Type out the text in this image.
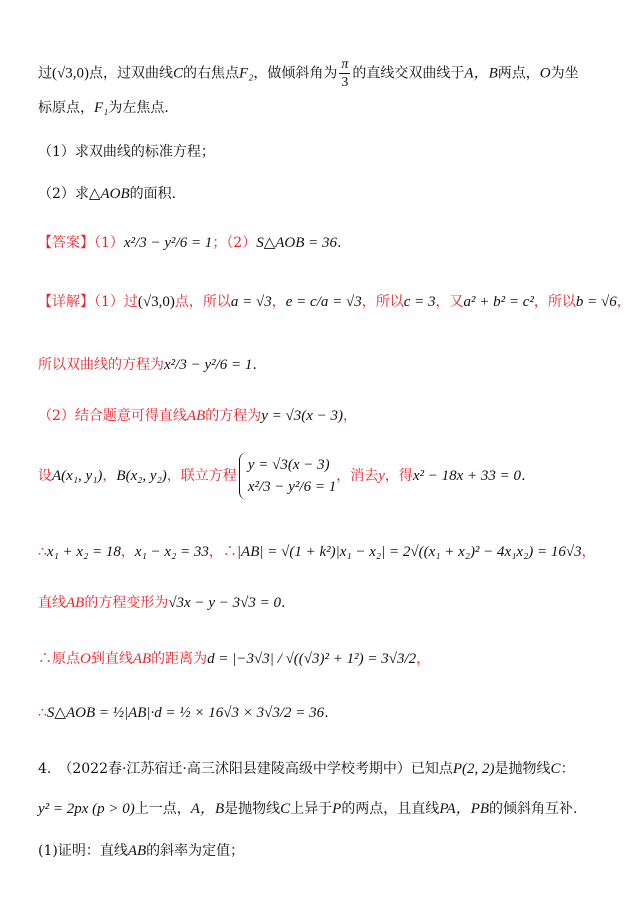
过(√3,0)点，过双曲线C的右焦点F₂，做倾斜角为 $\frac{\pi}{3}$ 的直线交双曲线于A，B两点，O为坐
标原点，F₁为左焦点.
（1）求双曲线的标准方程；
（2）求△AOB的面积.
【答案】（1）x²/3 − y²/6 = 1；（2）S△AOB = 36.
【详解】（1）过(√3,0)点，所以a = √3，e = c/a = √3，所以c = 3，又a² + b² = c²，所以b = √6，
所以双曲线的方程为x²/3 − y²/6 = 1.
（2）结合题意可得直线AB的方程为y = √3(x − 3)，
设A(x₁, y₁)，B(x₂, y₂)，联立方程
y = √3(x − 3)
x²/3 − y²/6 = 1
，消去y，得x² − 18x + 33 = 0.
∴x₁ + x₂ = 18，x₁ − x₂ = 33，∴|AB| = √(1 + k²)|x₁ − x₂| = 2√((x₁ + x₂)² − 4x₁x₂) = 16√3，
直线AB的方程变形为√3x − y − 3√3 = 0.
∴原点O到直线AB的距离为d = |−3√3| / √((√3)² + 1²) = 3√3/2，
∴S△AOB = ½|AB|·d = ½ × 16√3 × 3√3/2 = 36.
4.　（2022春·江苏宿迁·高三沭阳县建陵高级中学校考期中）已知点P(2, 2)是抛物线C：
y² = 2px (p > 0)上一点，A，B是抛物线C上异于P的两点，且直线PA，PB的倾斜角互补.
(1)证明：直线AB的斜率为定值；
